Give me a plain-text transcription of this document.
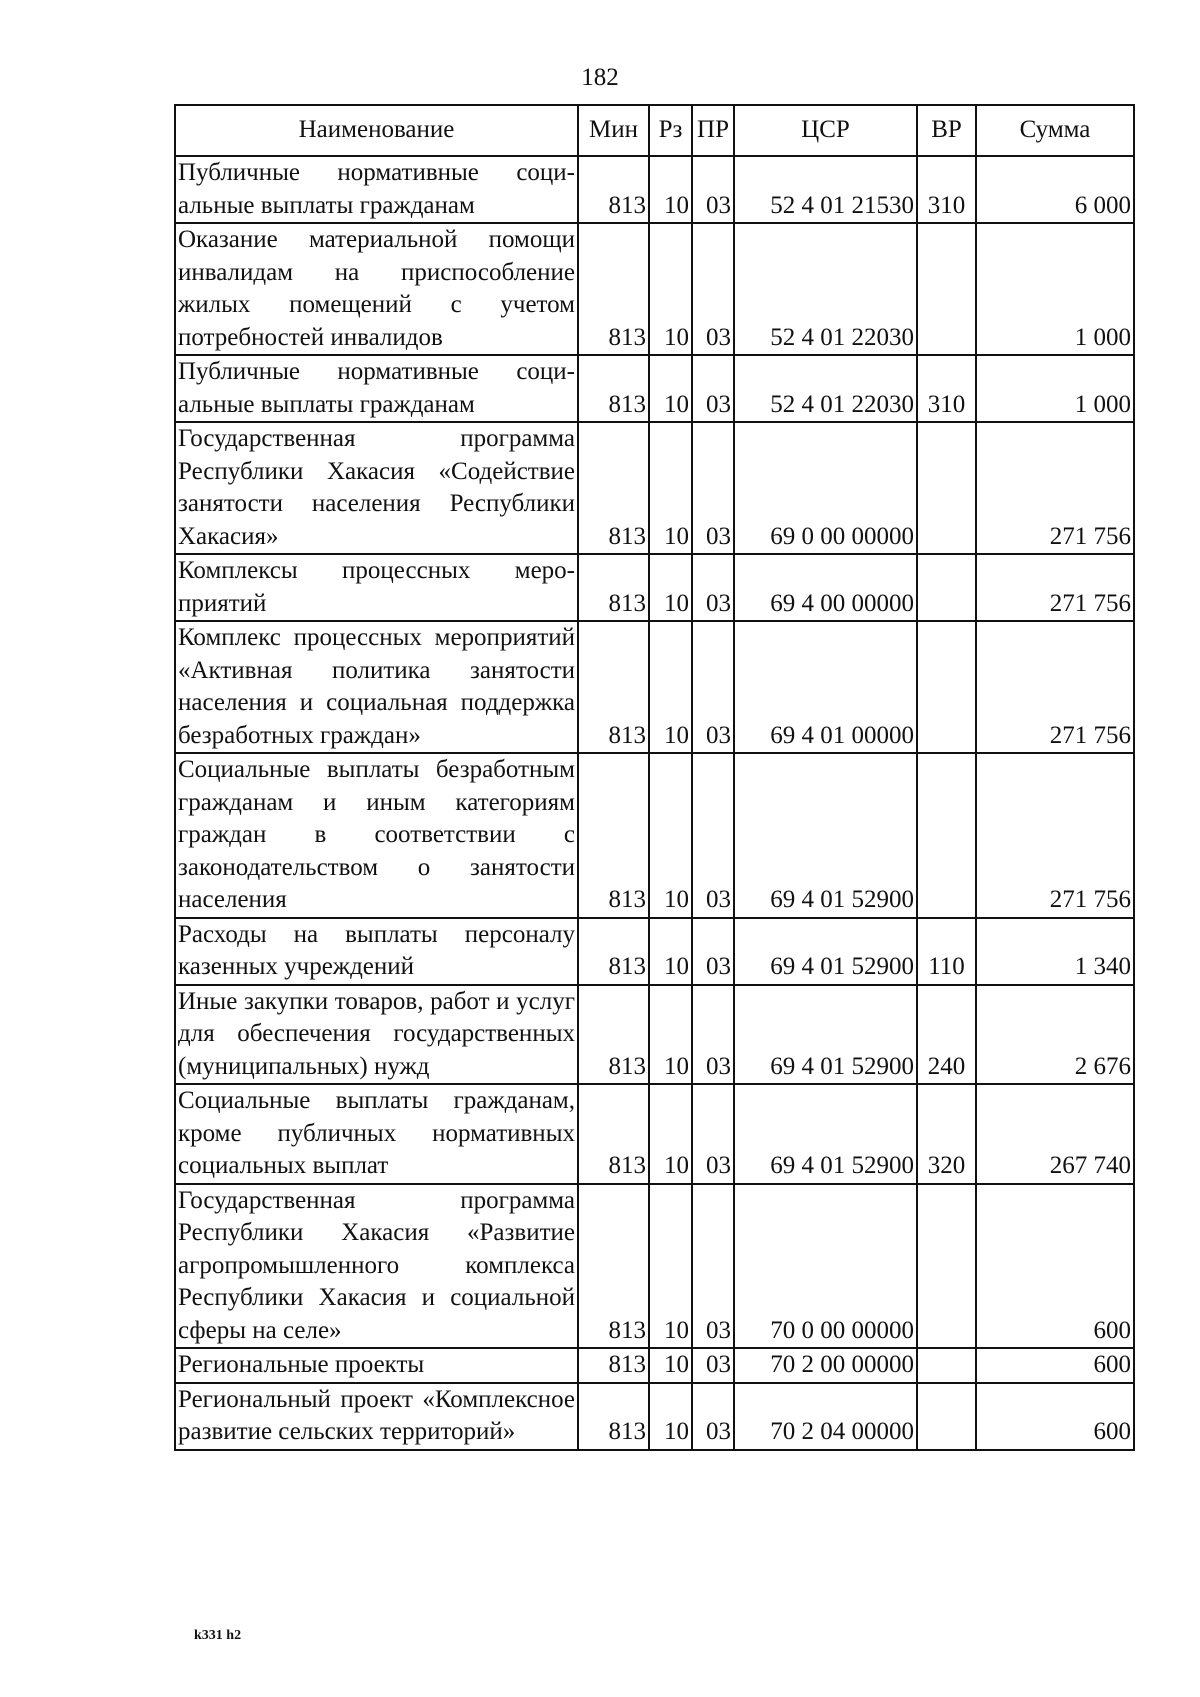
182
Наименование	Мин	Рз	ПР	ЦСР	ВР	Сумма
Публичные нормативные социальные выплаты гражданам	813	10	03	52 4 01 21530	310	6 000
Оказание материальной помощи инвалидам на приспособление жилых помещений с учетом потребностей инвалидов	813	10	03	52 4 01 22030		1 000
Публичные нормативные социальные выплаты гражданам	813	10	03	52 4 01 22030	310	1 000
Государственная программа Республики Хакасия «Содействие занятости населения Республики Хакасия»	813	10	03	69 0 00 00000		271 756
Комплексы процессных мероприятий	813	10	03	69 4 00 00000		271 756
Комплекс процессных мероприятий «Активная политика занятости населения и социальная поддержка безработных граждан»	813	10	03	69 4 01 00000		271 756
Социальные выплаты безработным гражданам и иным категориям граждан в соответствии с законодательством о занятости населения	813	10	03	69 4 01 52900		271 756
Расходы на выплаты персоналу казенных учреждений	813	10	03	69 4 01 52900	110	1 340
Иные закупки товаров, работ и услуг для обеспечения государственных (муниципальных) нужд	813	10	03	69 4 01 52900	240	2 676
Социальные выплаты гражданам, кроме публичных нормативных социальных выплат	813	10	03	69 4 01 52900	320	267 740
Государственная программа Республики Хакасия «Развитие агропромышленного комплекса Республики Хакасия и социальной сферы на селе»	813	10	03	70 0 00 00000		600
Региональные проекты	813	10	03	70 2 00 00000		600
Региональный проект «Комплексное развитие сельских территорий»	813	10	03	70 2 04 00000		600
k331 h2
